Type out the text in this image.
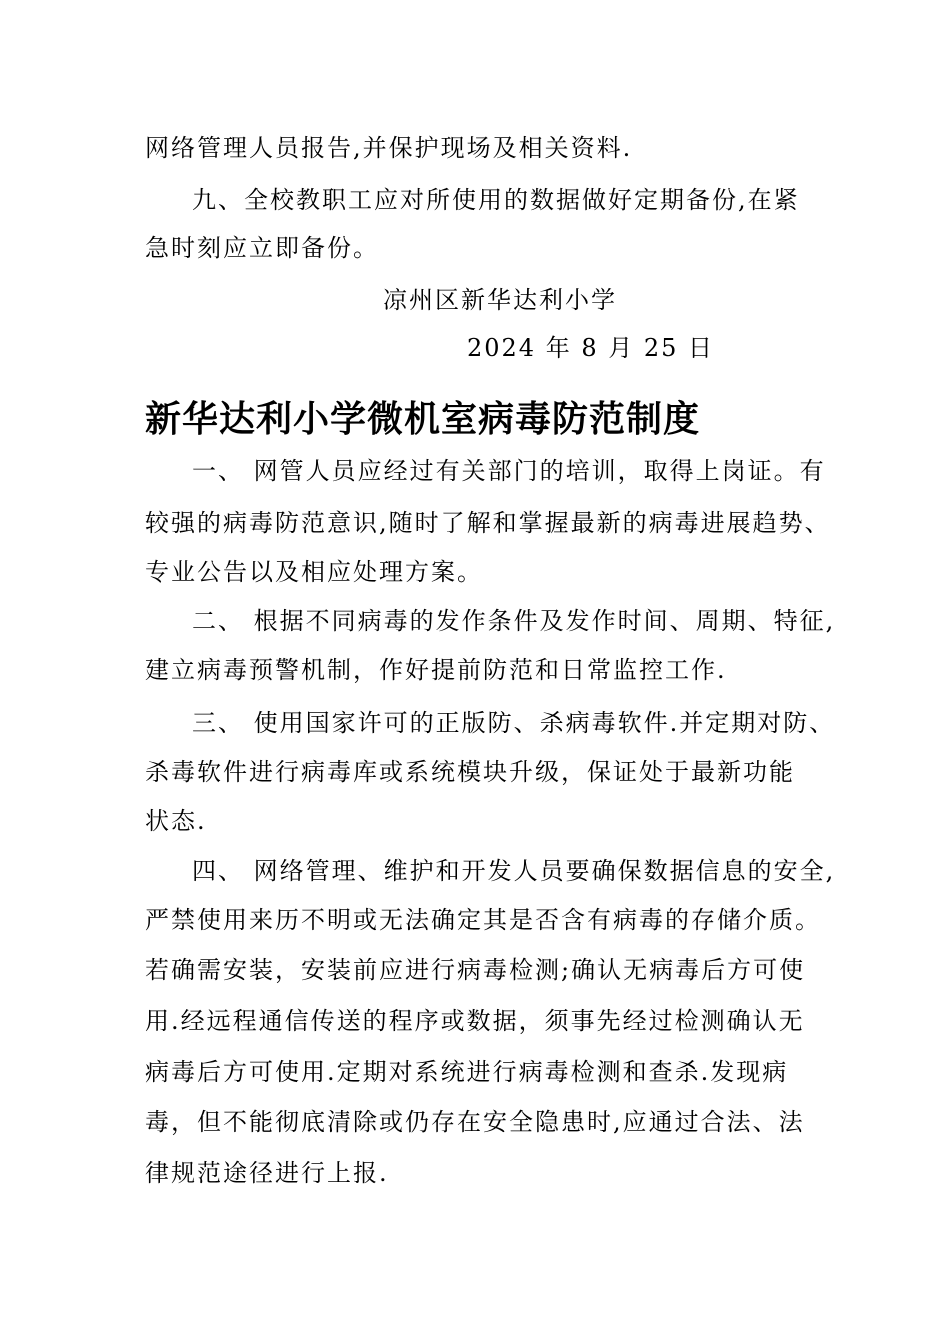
网络管理人员报告,并保护现场及相关资料.
九、全校教职工应对所使用的数据做好定期备份,在紧
急时刻应立即备份。
凉州区新华达利小学
2024 年 8 月 25 日
新华达利小学微机室病毒防范制度
一、 网管人员应经过有关部门的培训，取得上岗证。有
较强的病毒防范意识,随时了解和掌握最新的病毒进展趋势、
专业公告以及相应处理方案。
二、 根据不同病毒的发作条件及发作时间、周期、特征,
建立病毒预警机制，作好提前防范和日常监控工作.
三、 使用国家许可的正版防、杀病毒软件.并定期对防、
杀毒软件进行病毒库或系统模块升级，保证处于最新功能
状态.
四、 网络管理、维护和开发人员要确保数据信息的安全,
严禁使用来历不明或无法确定其是否含有病毒的存储介质。
若确需安装，安装前应进行病毒检测;确认无病毒后方可使
用.经远程通信传送的程序或数据，须事先经过检测确认无
病毒后方可使用.定期对系统进行病毒检测和查杀.发现病
毒，但不能彻底清除或仍存在安全隐患时,应通过合法、法
律规范途径进行上报.
